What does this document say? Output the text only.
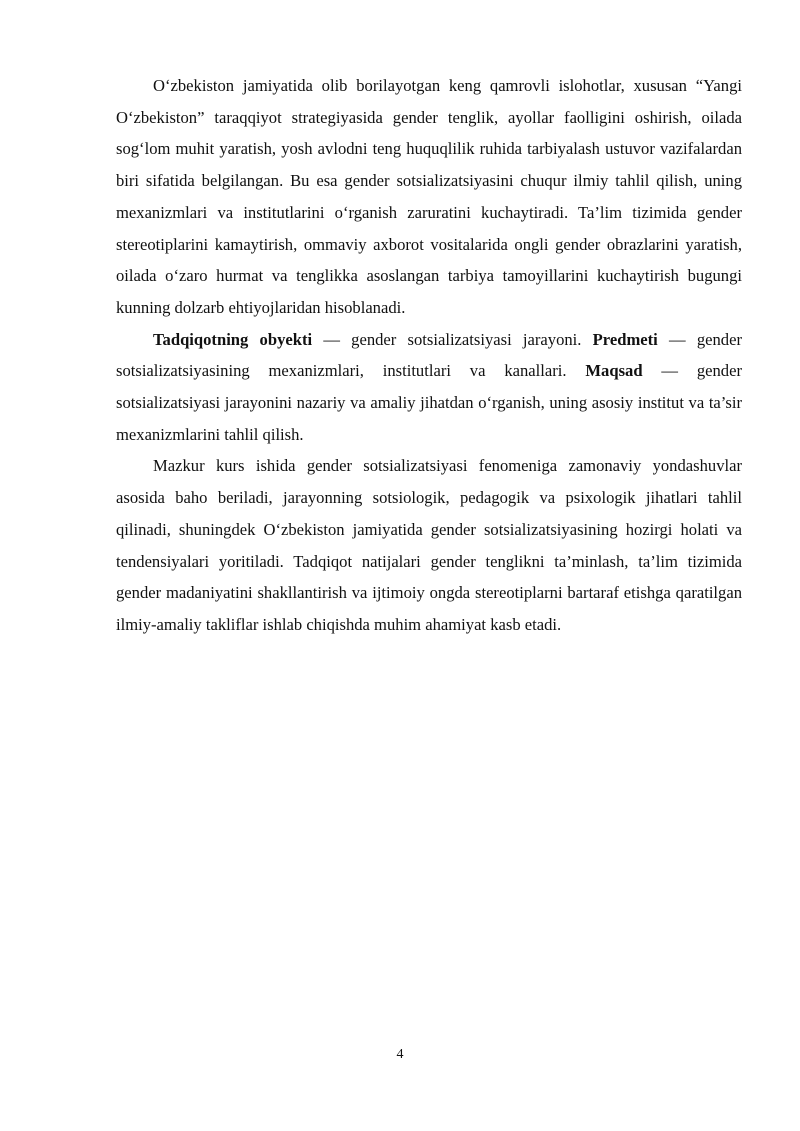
O‘zbekiston jamiyatida olib borilayotgan keng qamrovli islohotlar, xususan “Yangi O‘zbekiston” taraqqiyot strategiyasida gender tenglik, ayollar faolligini oshirish, oilada sog‘lom muhit yaratish, yosh avlodni teng huquqlilik ruhida tarbiyalash ustuvor vazifalardan biri sifatida belgilangan. Bu esa gender sotsializatsiyasini chuqur ilmiy tahlil qilish, uning mexanizmlari va institutlarini o‘rganish zaruratini kuchaytiradi. Ta’lim tizimida gender stereotiplarini kamaytirish, ommaviy axborot vositalarida ongli gender obrazlarini yaratish, oilada o‘zaro hurmat va tenglikka asoslangan tarbiya tamoyillarini kuchaytirish bugungi kunning dolzarb ehtiyojlaridan hisoblanadi.

Tadqiqotning obyekti — gender sotsializatsiyasi jarayoni. Predmeti — gender sotsializatsiyasining mexanizmlari, institutlari va kanallari. Maqsad — gender sotsializatsiyasi jarayonini nazariy va amaliy jihatdan o‘rganish, uning asosiy institut va ta’sir mexanizmlarini tahlil qilish.

Mazkur kurs ishida gender sotsializatsiyasi fenomeniga zamonaviy yondashuvlar asosida baho beriladi, jarayonning sotsiologik, pedagogik va psixologik jihatlari tahlil qilinadi, shuningdek O‘zbekiston jamiyatida gender sotsializatsiyasining hozirgi holati va tendensiyalari yoritiladi. Tadqiqot natijalari gender tenglikni ta’minlash, ta’lim tizimida gender madaniyatini shakllantirish va ijtimoiy ongda stereotiplarni bartaraf etishga qaratilgan ilmiy-amaliy takliflar ishlab chiqishda muhim ahamiyat kasb etadi.

4
